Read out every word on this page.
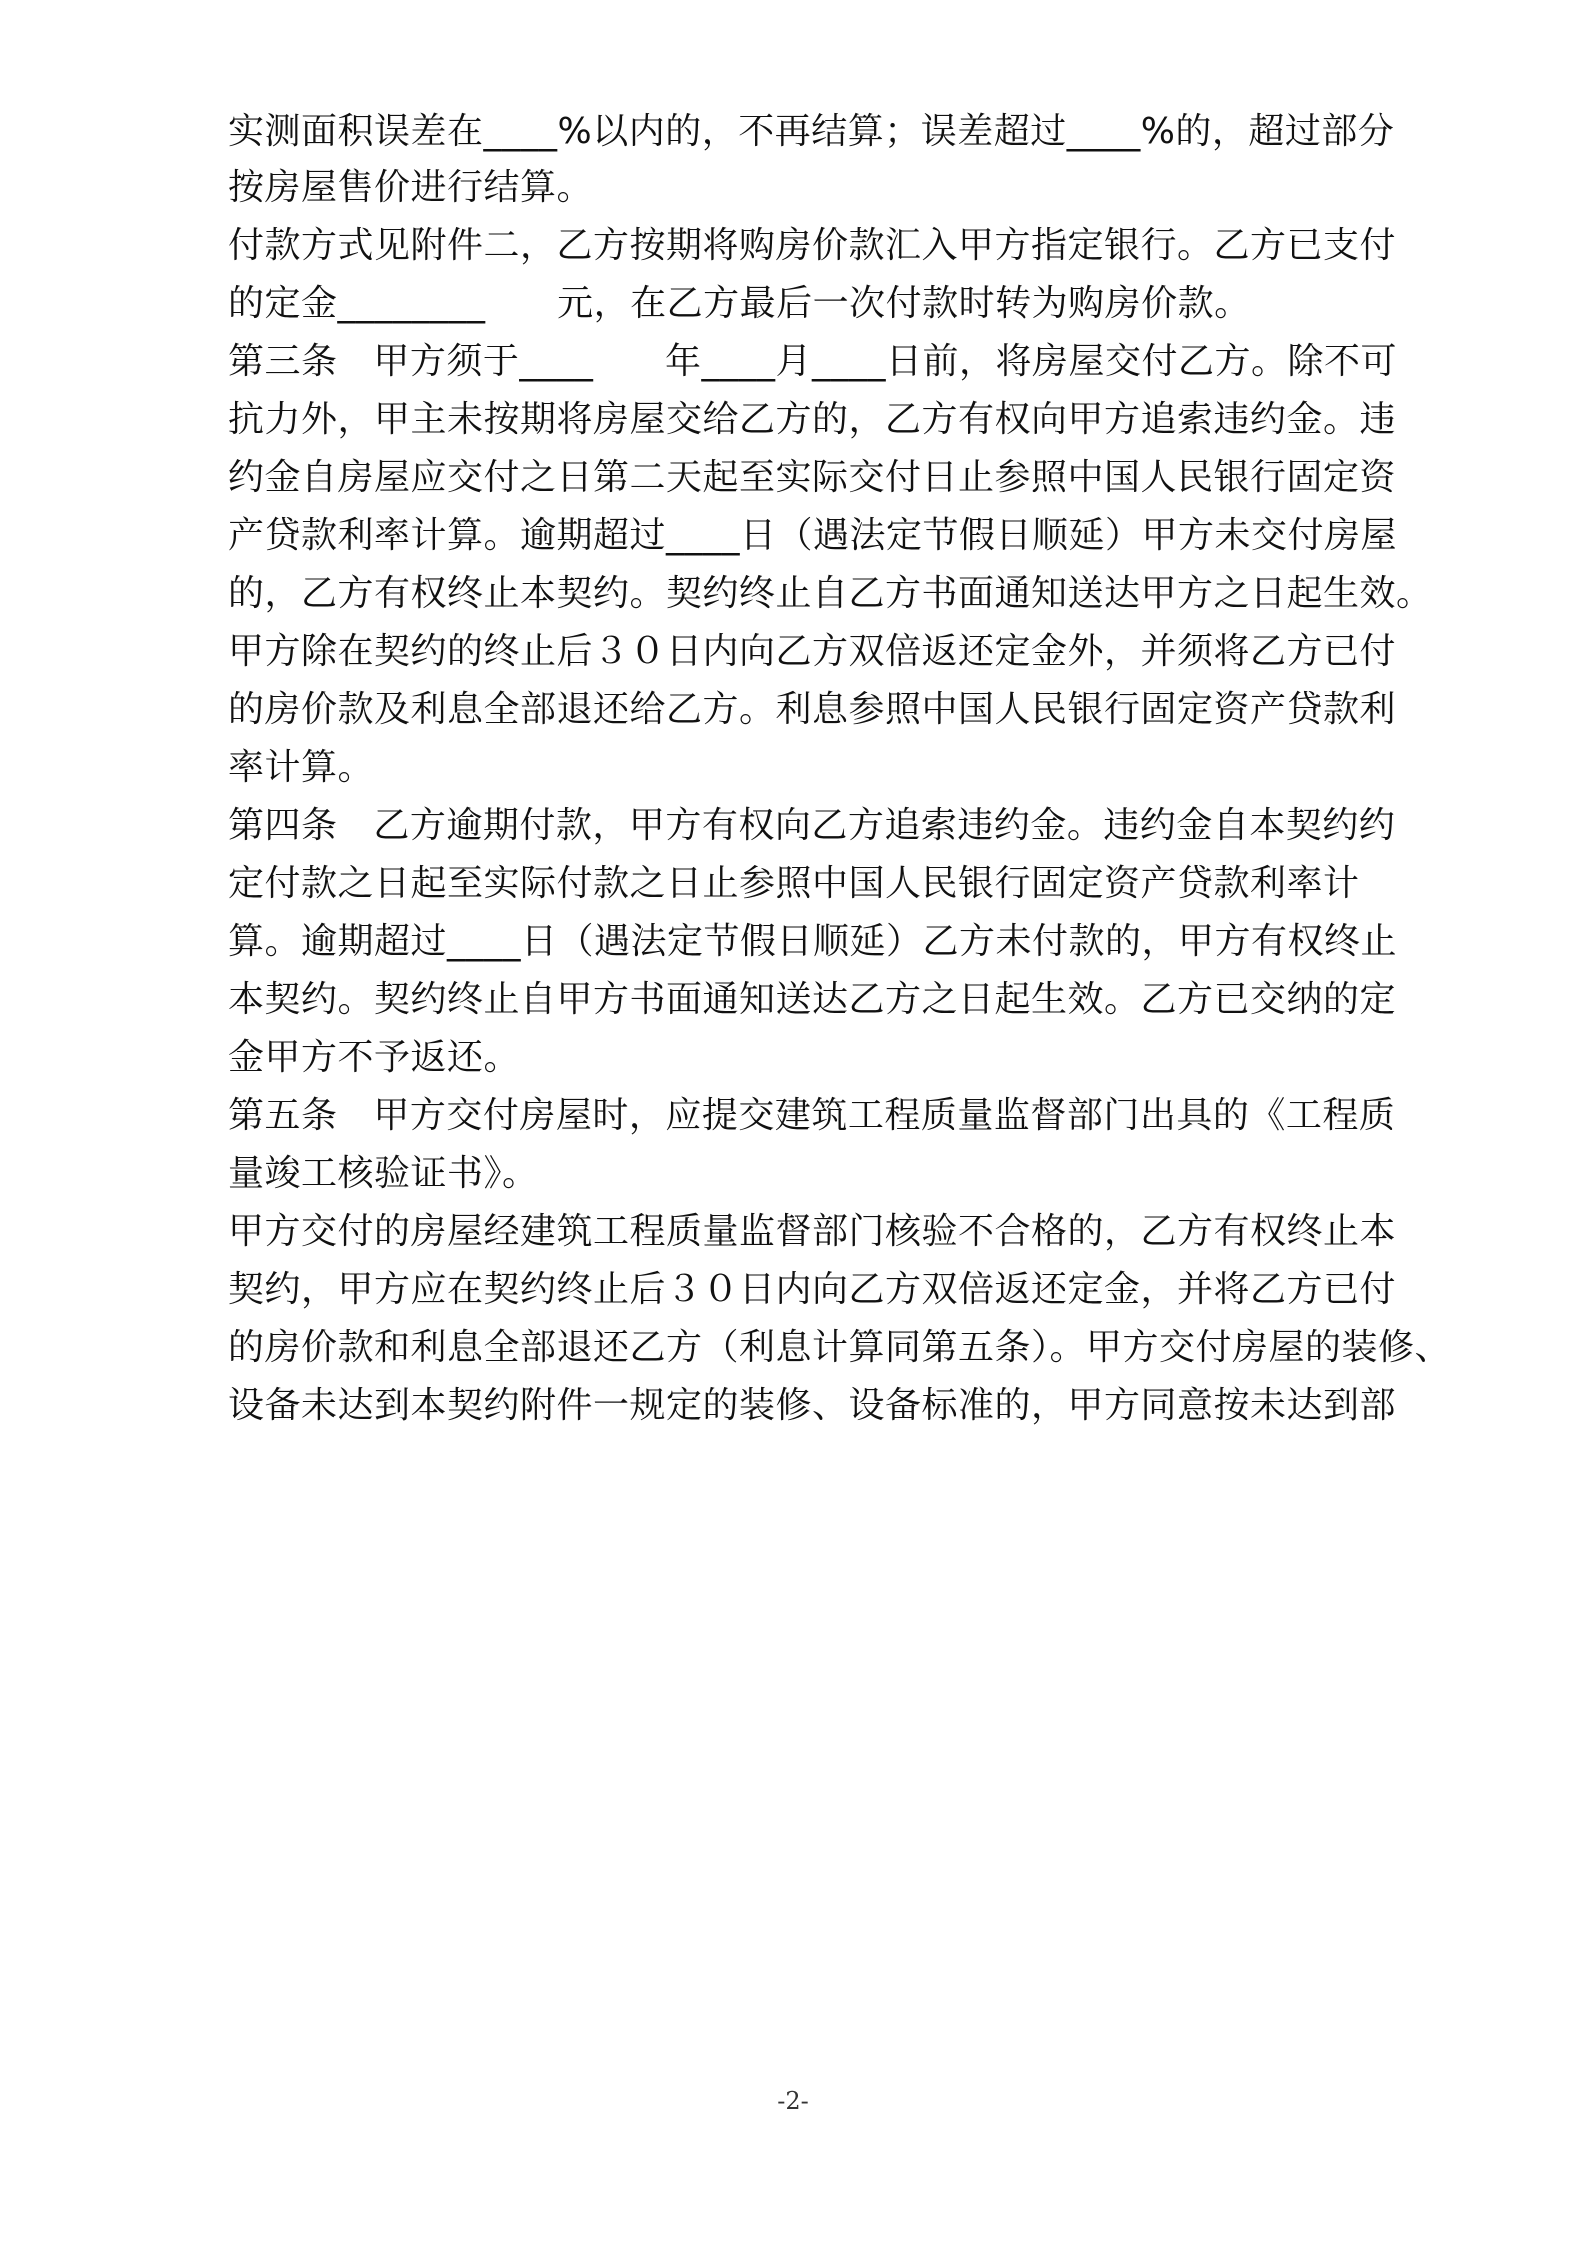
实测面积误差在____%以内的，不再结算；误差超过____%的，超过部分
按房屋售价进行结算。
付款方式见附件二，乙方按期将购房价款汇入甲方指定银行。乙方已支付
的定金________      元，在乙方最后一次付款时转为购房价款。
第三条   甲方须于____      年____月____日前，将房屋交付乙方。除不可
抗力外，甲主未按期将房屋交给乙方的，乙方有权向甲方追索违约金。违
约金自房屋应交付之日第二天起至实际交付日止参照中国人民银行固定资
产贷款利率计算。逾期超过____日（遇法定节假日顺延）甲方未交付房屋
的，乙方有权终止本契约。契约终止自乙方书面通知送达甲方之日起生效。
甲方除在契约的终止后３０日内向乙方双倍返还定金外，并须将乙方已付
的房价款及利息全部退还给乙方。利息参照中国人民银行固定资产贷款利
率计算。
第四条   乙方逾期付款，甲方有权向乙方追索违约金。违约金自本契约约
定付款之日起至实际付款之日止参照中国人民银行固定资产贷款利率计
算。逾期超过____日（遇法定节假日顺延）乙方未付款的，甲方有权终止
本契约。契约终止自甲方书面通知送达乙方之日起生效。乙方已交纳的定
金甲方不予返还。
第五条   甲方交付房屋时，应提交建筑工程质量监督部门出具的《工程质
量竣工核验证书》。
甲方交付的房屋经建筑工程质量监督部门核验不合格的，乙方有权终止本
契约，甲方应在契约终止后３０日内向乙方双倍返还定金，并将乙方已付
的房价款和利息全部退还乙方（利息计算同第五条）。甲方交付房屋的装修、
设备未达到本契约附件一规定的装修、设备标准的，甲方同意按未达到部
-2-
